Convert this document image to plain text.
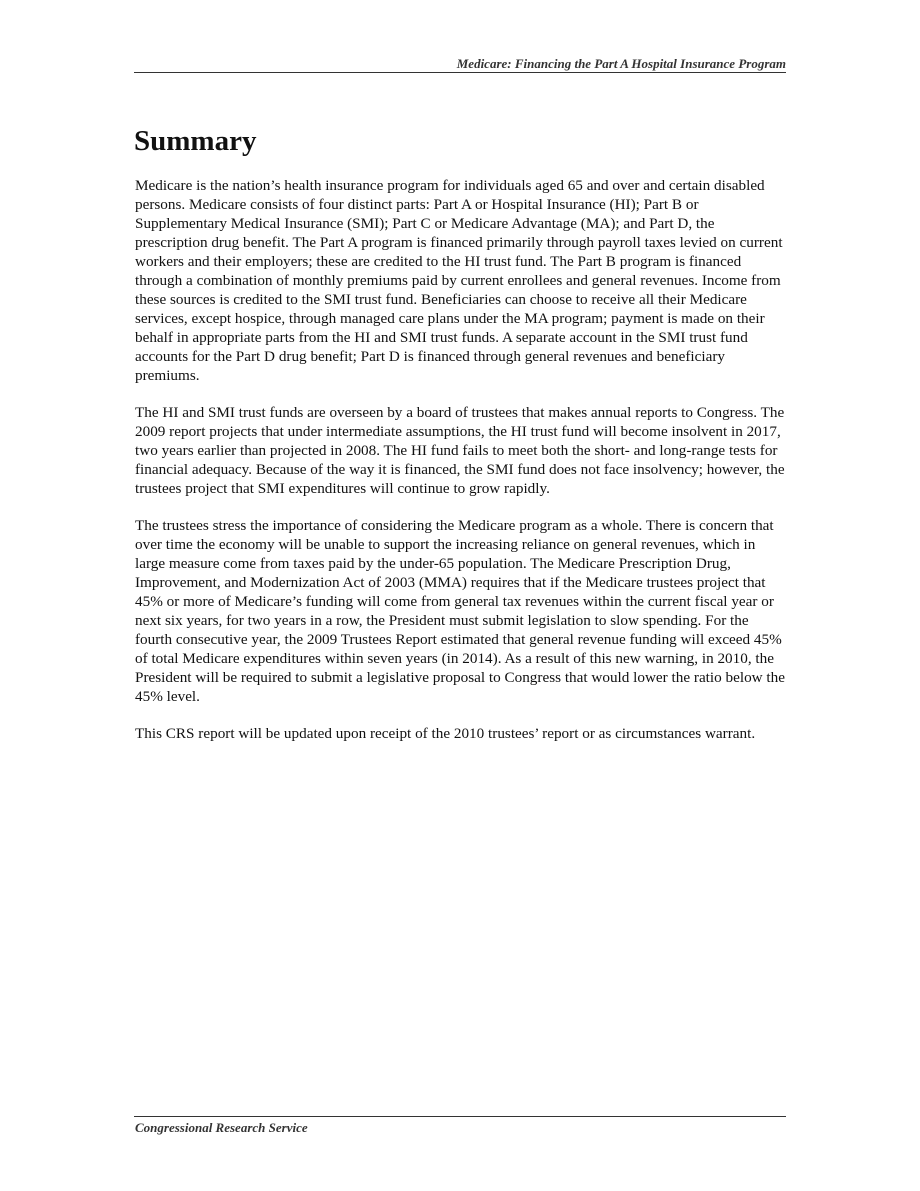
Medicare: Financing the Part A Hospital Insurance Program
Summary

Medicare is the nation’s health insurance program for individuals aged 65 and over and certain disabled persons. Medicare consists of four distinct parts: Part A or Hospital Insurance (HI); Part B or Supplementary Medical Insurance (SMI); Part C or Medicare Advantage (MA); and Part D, the prescription drug benefit. The Part A program is financed primarily through payroll taxes levied on current workers and their employers; these are credited to the HI trust fund. The Part B program is financed through a combination of monthly premiums paid by current enrollees and general revenues. Income from these sources is credited to the SMI trust fund. Beneficiaries can choose to receive all their Medicare services, except hospice, through managed care plans under the MA program; payment is made on their behalf in appropriate parts from the HI and SMI trust funds. A separate account in the SMI trust fund accounts for the Part D drug benefit; Part D is financed through general revenues and beneficiary premiums.

The HI and SMI trust funds are overseen by a board of trustees that makes annual reports to Congress. The 2009 report projects that under intermediate assumptions, the HI trust fund will become insolvent in 2017, two years earlier than projected in 2008. The HI fund fails to meet both the short- and long-range tests for financial adequacy. Because of the way it is financed, the SMI fund does not face insolvency; however, the trustees project that SMI expenditures will continue to grow rapidly.

The trustees stress the importance of considering the Medicare program as a whole. There is concern that over time the economy will be unable to support the increasing reliance on general revenues, which in large measure come from taxes paid by the under-65 population. The Medicare Prescription Drug, Improvement, and Modernization Act of 2003 (MMA) requires that if the Medicare trustees project that 45% or more of Medicare’s funding will come from general tax revenues within the current fiscal year or next six years, for two years in a row, the President must submit legislation to slow spending. For the fourth consecutive year, the 2009 Trustees Report estimated that general revenue funding will exceed 45% of total Medicare expenditures within seven years (in 2014). As a result of this new warning, in 2010, the President will be required to submit a legislative proposal to Congress that would lower the ratio below the 45% level.

This CRS report will be updated upon receipt of the 2010 trustees’ report or as circumstances warrant.

Congressional Research Service
